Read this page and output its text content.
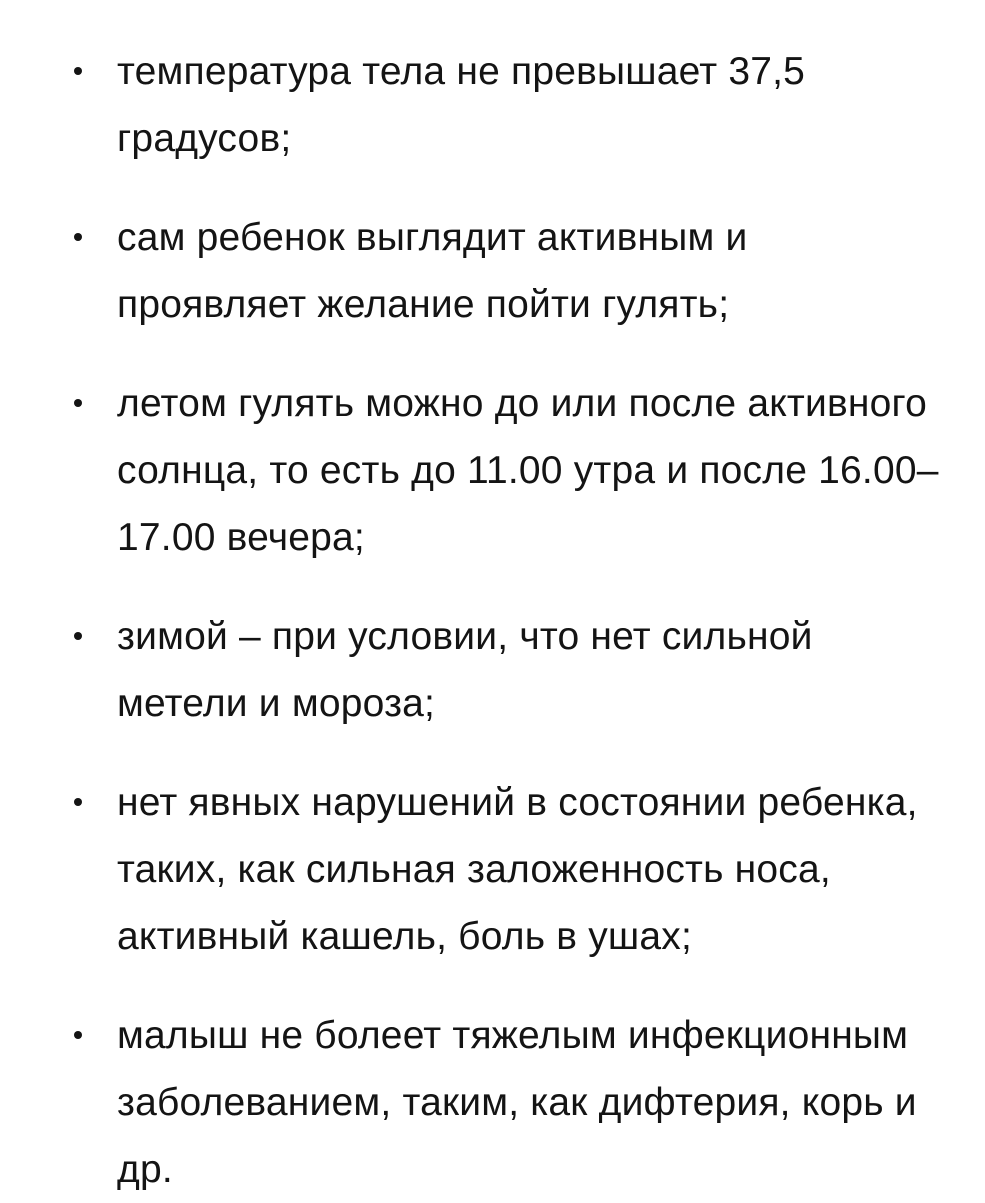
температура тела не превышает 37,5 градусов;
сам ребенок выглядит активным и проявляет желание пойти гулять;
летом гулять можно до или после активного солнца, то есть до 11.00 утра и после 16.00–17.00 вечера;
зимой – при условии, что нет сильной метели и мороза;
нет явных нарушений в состоянии ребенка, таких, как сильная заложенность носа, активный кашель, боль в ушах;
малыш не болеет тяжелым инфекционным заболеванием, таким, как дифтерия, корь и др.
